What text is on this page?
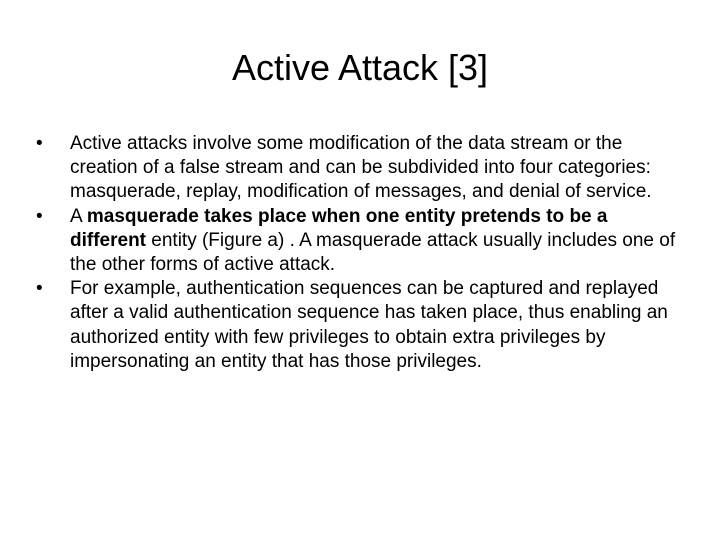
Active Attack [3]
•	Active attacks involve some modification of the data stream or the creation of a false stream and can be subdivided into four categories: masquerade, replay, modification of messages, and denial of service.
•	A masquerade takes place when one entity pretends to be a different entity (Figure a) . A masquerade attack usually includes one of the other forms of active attack.
•	For example, authentication sequences can be captured and replayed after a valid authentication sequence has taken place, thus enabling an authorized entity with few privileges to obtain extra privileges by impersonating an entity that has those privileges.
